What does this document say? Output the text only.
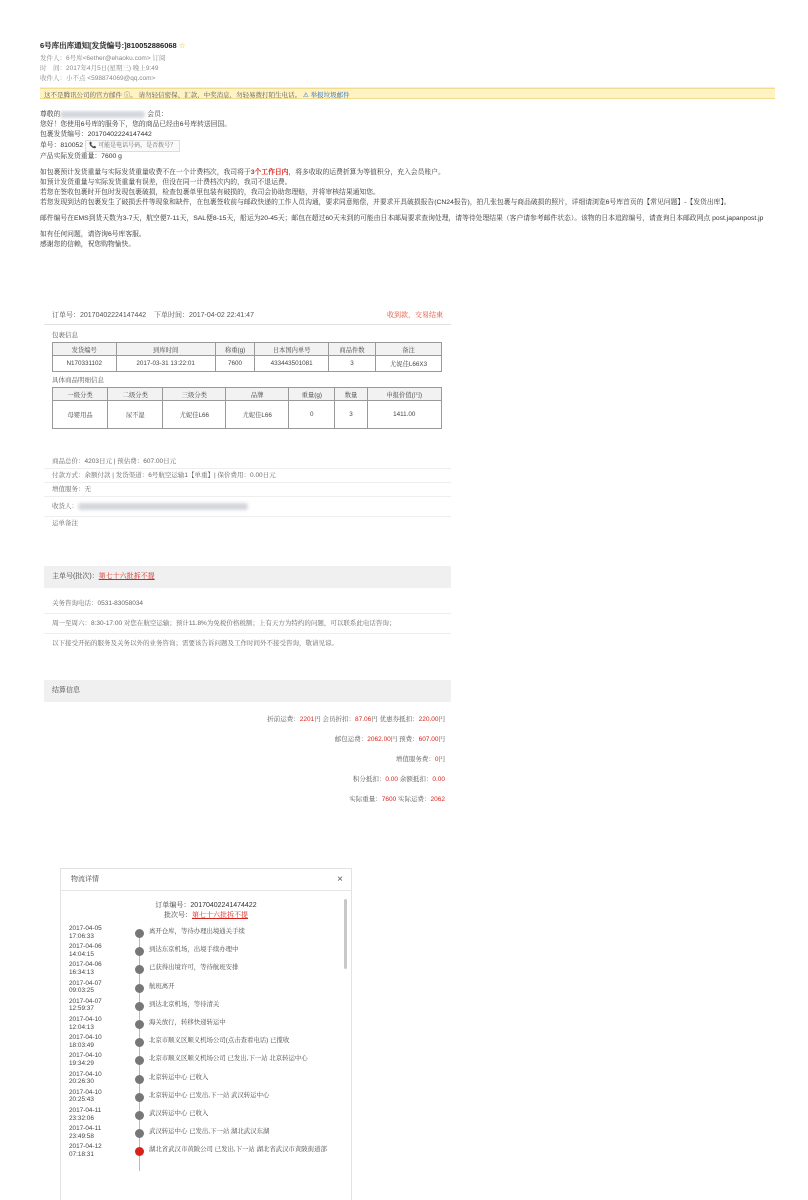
6号库出库通知[发货编号:]810052886068 ☆
发件人：6号库<6ether@ehaoku.com> 订阅
时　间：2017年4月5日(星期三) 晚上9:49
收件人：小不点 <598874069@qq.com>
这不是腾讯公司的官方邮件 ⓘ。 请勿轻信密保、汇款、中奖消息，勿轻易拨打陌生电话。 ⚠ 举报垃圾邮件

尊敬的	会员：

您好！您使用6号库的服务下，您的商品已经由6号库转送回国。

包裹发货编号：20170402224147442

单号：810052 📞 可能是电话号码，是否拨号？

产品实际发货重量：7600 g

如包裹预计发货重量与实际发货重量收费不在一个计费档次，我司将于3个工作日内，将多收取的运费折算为等值积分，充入会员账户。

如预计发货重量与实际发货重量有误差，但没在同一计费档次内的，我司不退运费。

若您在签收包裹时开包时发现包裹破损，检查包裹单里包装有破损的，我司会协助您理赔，并将审核结果通知您。

若您发现到达的包裹发生了破损丢件等现象和缺件，在包裹签收前与邮政快递的工作人员沟通，要求同意赔偿，并要求开具破损报告(CN24报告)，拍几张包裹与商品破损的照片，详细请浏览6号库首页的【常见问题】-【发货出库】。

邮件编号在EMS到货天数为3-7天，航空便7-11天，SAL便8-15天，船运为20-45天；邮包在超过60天未到的可能由日本邮局要求查询处理，请等待处理结果（客户请参考邮件状态）。该物的日本追踪编号，请查询日本邮政网点 post.japanpost.jp

如有任何问题，请咨询6号库客服。

感谢您的信赖，祝您购物愉快。

订单号：20170402224147442 下单时间：2017-04-02 22:41:47	收到款，交易结束
包裹信息
发货编号	到库时间	称重(g)	日本国内单号	商品件数	备注
N170331102	2017-03-31 13:22:01	7600	433443501081	3	尤妮佳L66X3
具体商品明细信息
一级分类	二级分类	三级分类	品牌	重量(g)	数量	申报价值(円)
母婴用品	尿不湿	尤妮佳L66	尤妮佳L66	0	3	1411.00
商品总价：4203日元 | 预估费：607.00日元
付款方式：余额付款 | 发货渠道：6号航空运输1【单重】| 保价费用：0.00日元
增值服务：无
收货人：
运单备注
主单号(批次)：第七十六批拆不提
关务咨询电话：0531-83058034
周一至周六：8:30-17:00 对您在航空运输；预计11.8%为免税价格税额；上有天方为特约的问题，可以联系此电话咨询；
以下接受开拓的服务及关务以外的业务咨询；需要该告诉问题及工作时间外不接受咨询，敬请见谅。
结算信息
折前运费：2201円 会员折扣：87.06円 优惠券抵扣：220.00円
邮包运费：2062.00円 预费：607.00円
增值服务费：0円
积分抵扣：0.00 余额抵扣：0.00
实际重量：7600 实际运费：2062
物流详情	×
订单编号：20170402241474422
批次号：第七十六批拆不提
2017-04-05
17:06:33
离开仓库，等待办理出境通关手续
2017-04-06
14:04:15
到达东京机场，出境手续办理中
2017-04-06
16:34:13
已获得出境许可，等待航班安排
2017-04-07
09:03:25
航班离开
2017-04-07
12:59:37
到达北京机场，等待清关
2017-04-10
12:04:13
海关放行，转移快递转运中
2017-04-10
18:03:49
北京市顺义区顺义机场公司(点击查看电话) 已揽收
2017-04-10
19:34:29
北京市顺义区顺义机场公司 已发出,下一站 北京转运中心
2017-04-10
20:26:30
北京转运中心 已收入
2017-04-10
20:25:43
北京转运中心 已发出,下一站 武汉转运中心
2017-04-11
23:32:06
武汉转运中心 已收入
2017-04-11
23:49:58
武汉转运中心 已发出,下一站 湖北武汉东湖
2017-04-12
07:18:31
湖北省武汉市黄陂公司 已发出,下一站 湖北省武汉市黄陂街道部
